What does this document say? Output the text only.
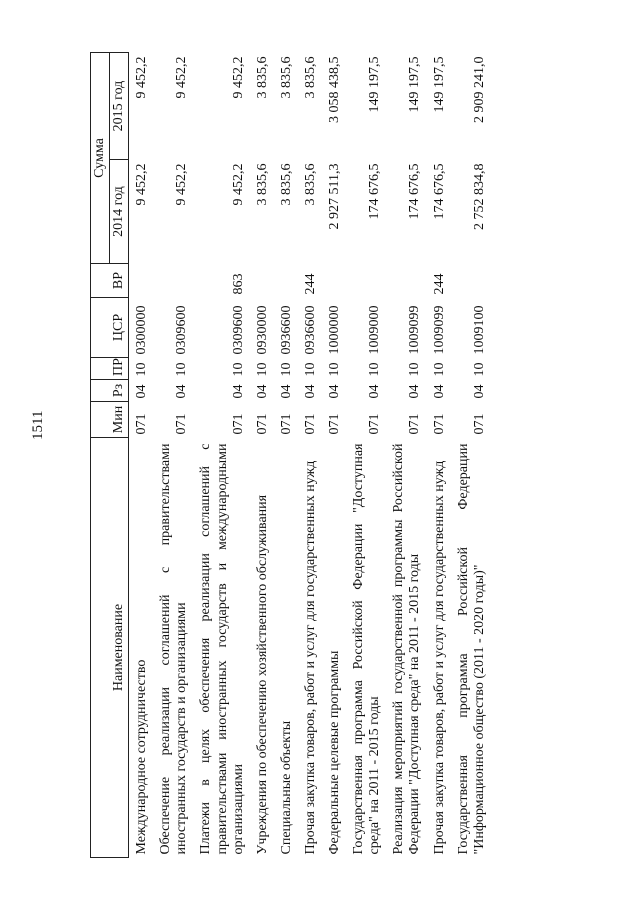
1511
Наименование	Мин	Рз	ПР	ЦСР	ВР	Сумма	
						2014 год	2015 год
Международное сотрудничество	071	04	10	0300000		9 452,2	9 452,2
Обеспечение реализации соглашений с правительствами иностранных государств и организациями	071	04	10	0309600		9 452,2	9 452,2
Платежи в целях обеспечения реализации соглашений с правительствами иностранных государств и международными организациями	071	04	10	0309600	863	9 452,2	9 452,2
Учреждения по обеспечению хозяйственного обслуживания	071	04	10	0930000		3 835,6	3 835,6
Специальные объекты	071	04	10	0936600		3 835,6	3 835,6
Прочая закупка товаров, работ и услуг для государственных нужд	071	04	10	0936600	244	3 835,6	3 835,6
Федеральные целевые программы	071	04	10	1000000		2 927 511,3	3 058 438,5
Государственная программа Российской Федерации "Доступная среда" на 2011 - 2015 годы	071	04	10	1009000		174 676,5	149 197,5
Реализация мероприятий государственной программы Российской Федерации "Доступная среда" на 2011 - 2015 годы	071	04	10	1009099		174 676,5	149 197,5
Прочая закупка товаров, работ и услуг для государственных нужд	071	04	10	1009099	244	174 676,5	149 197,5
Государственная программа Российской Федерации "Информационное общество (2011 - 2020 годы)"	071	04	10	1009100		2 752 834,8	2 909 241,0
